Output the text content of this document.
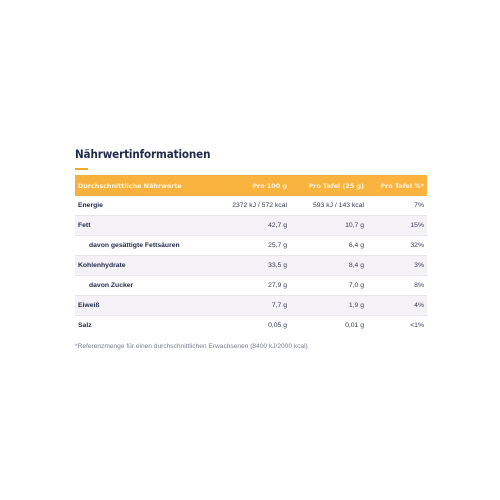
Nährwertinformationen
Durchschnittliche Nährwerte	Pro 100 g	Pro Tafel (25 g)	Pro Tafel %*
Energie	2372 kJ / 572 kcal	593 kJ / 143 kcal	7%
Fett	42,7 g	10,7 g	15%
davon gesättigte Fettsäuren	25,7 g	6,4 g	32%
Kohlenhydrate	33,5 g	8,4 g	3%
davon Zucker	27,9 g	7,0 g	8%
Eiweiß	7,7 g	1,9 g	4%
Salz	0,05 g	0,01 g	<1%

*Referenzmenge für einen durchschnittlichen Erwachsenen (8400 kJ/2000 kcal)
